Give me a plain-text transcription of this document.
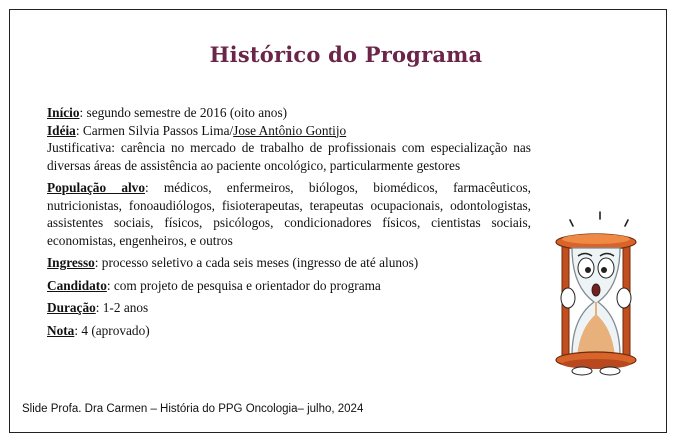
Histórico do Programa

Início: segundo semestre de 2016 (oito anos)

Idéia: Carmen Silvia Passos Lima/Jose Antônio Gontijo

Justificativa: carência no mercado de trabalho de profissionais com especialização nas diversas áreas de assistência ao paciente oncológico, particularmente gestores

População alvo: médicos, enfermeiros, biólogos, biomédicos, farmacêuticos, nutricionistas, fonoaudiólogos, fisioterapeutas, terapeutas ocupacionais, odontologistas, assistentes sociais, físicos, psicólogos, condicionadores físicos, cientistas sociais, economistas, engenheiros, e outros

Ingresso: processo seletivo a cada seis meses (ingresso de até alunos)

Candidato: com projeto de pesquisa e orientador do programa

Duração: 1-2 anos

Nota: 4 (aprovado)

Slide Profa. Dra Carmen – História do PPG Oncologia– julho, 2024
